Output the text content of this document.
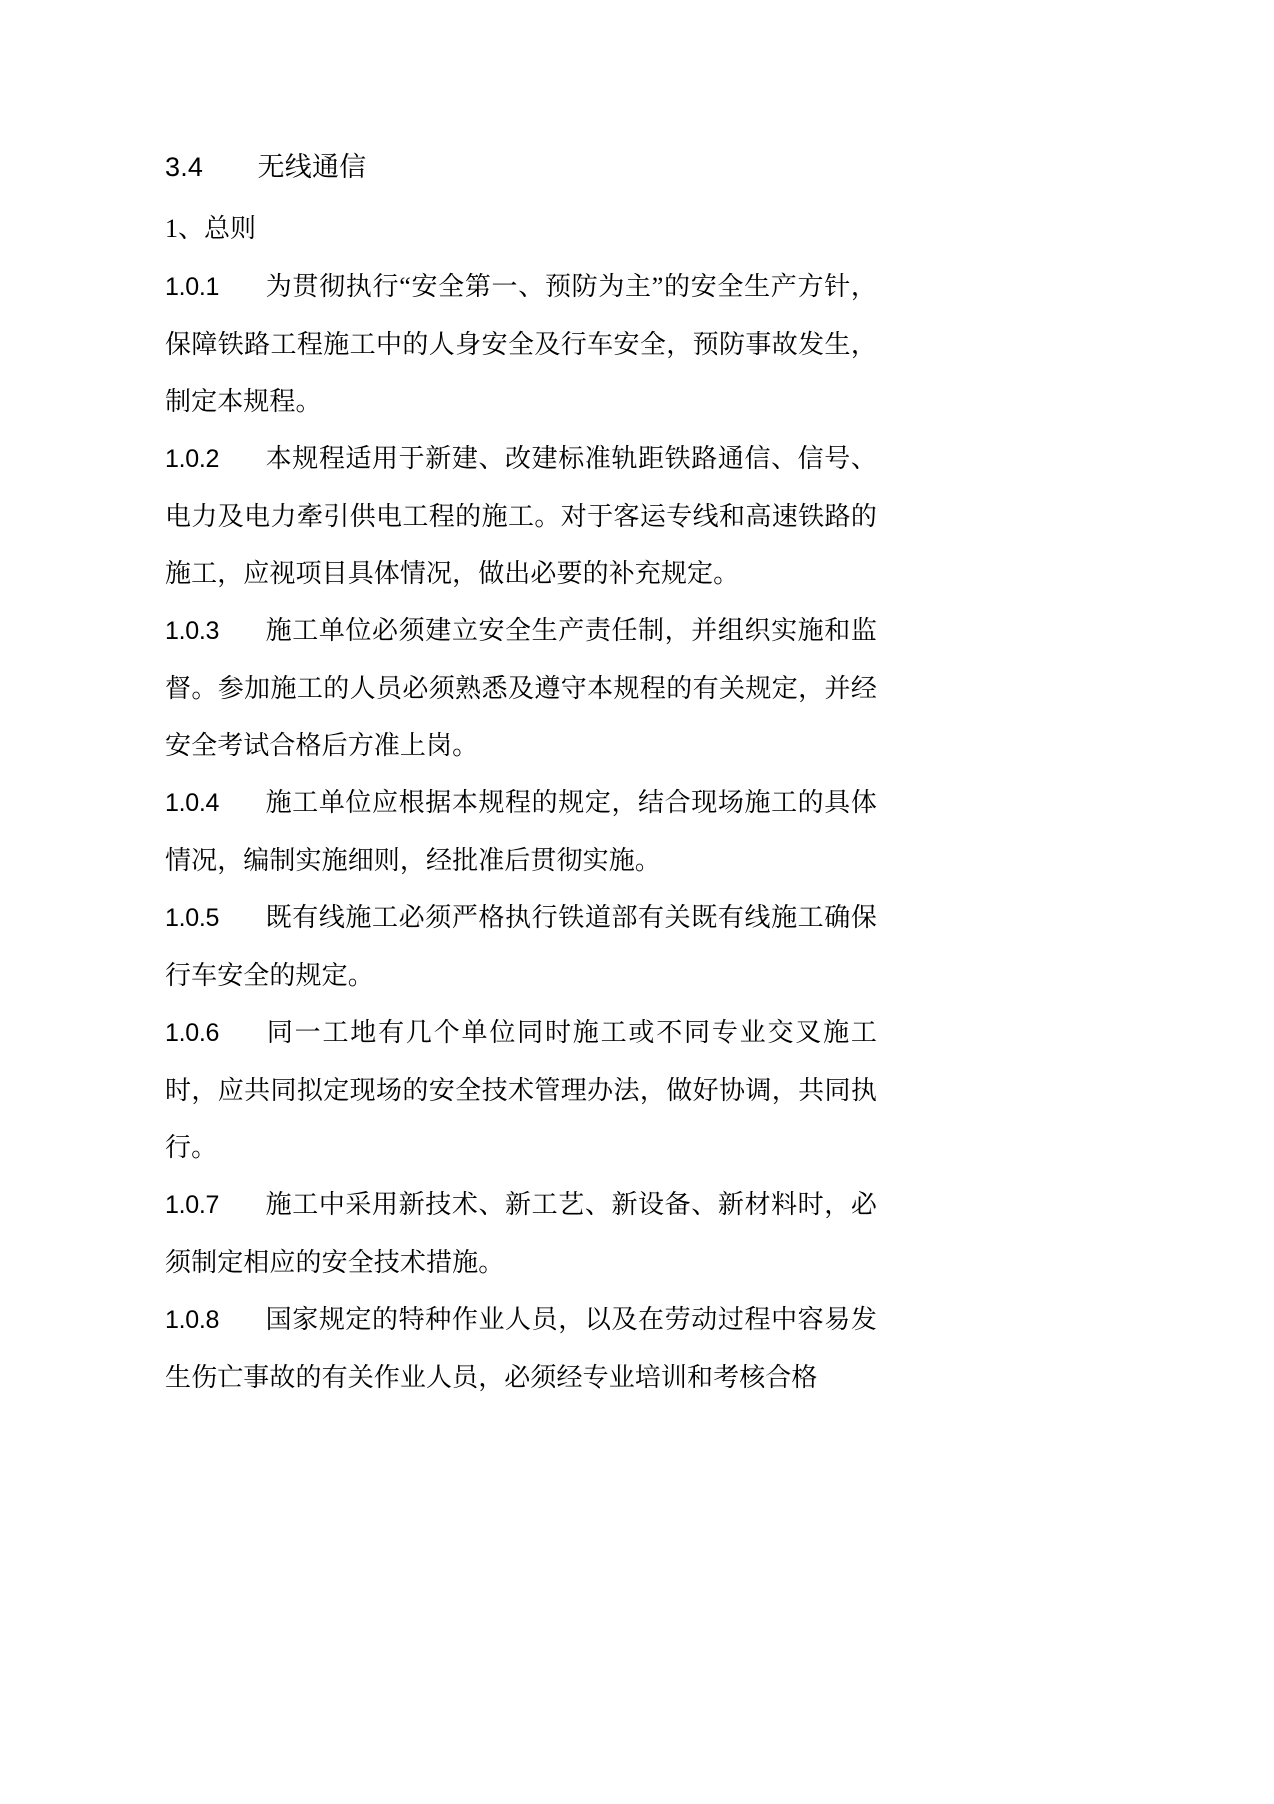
3.4　　 无线通信

1、总则

1.0.1 为贯彻执行“安全第一、预防为主”的安全生产方针，保障铁路工程施工中的人身安全及行车安全，预防事故发生，制定本规程。

1.0.2 本规程适用于新建、改建标准轨距铁路通信、信号、电力及电力牽引供电工程的施工。对于客运专线和高速铁路的施工，应视项目具体情况，做出必要的补充规定。

1.0.3 施工单位必须建立安全生产责任制，并组织实施和监督。参加施工的人员必须熟悉及遵守本规程的有关规定，并经安全考试合格后方准上岗。

1.0.4 施工单位应根据本规程的规定，结合现场施工的具体情况，编制实施细则，经批准后贯彻实施。

1.0.5 既有线施工必须严格执行铁道部有关既有线施工确保行车安全的规定。

1.0.6 同一工地有几个单位同时施工或不同专业交叉施工时，应共同拟定现场的安全技术管理办法，做好协调，共同执行。

1.0.7 施工中采用新技术、新工艺、新设备、新材料时，必须制定相应的安全技术措施。

1.0.8 国家规定的特种作业人员，以及在劳动过程中容易发生伤亡事故的有关作业人员，必须经专业培训和考核合格
